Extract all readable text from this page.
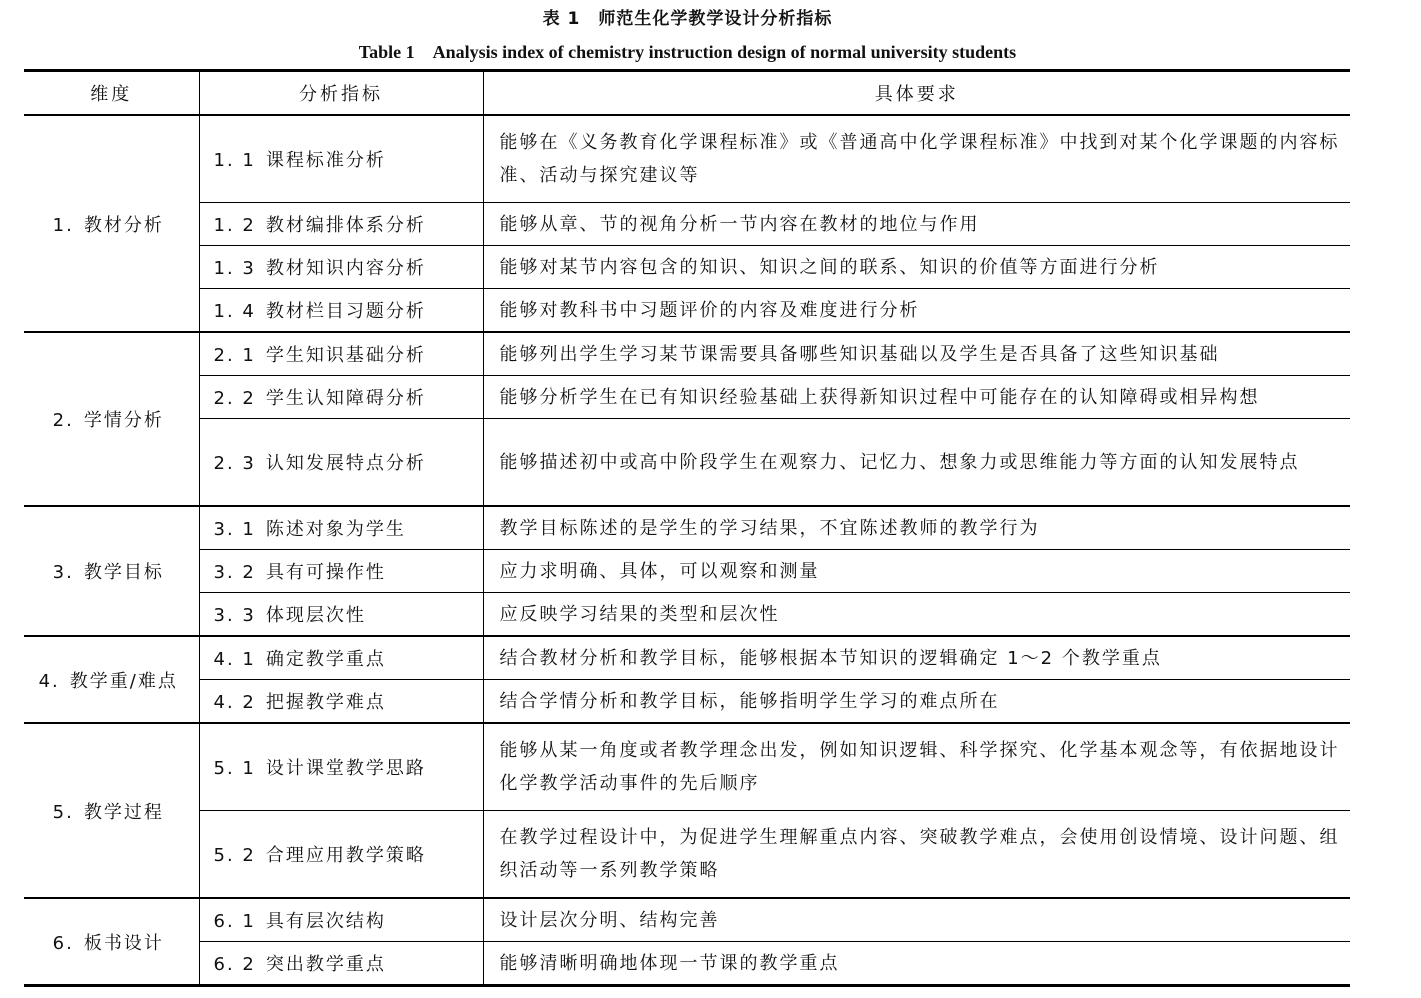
表 1　师范生化学教学设计分析指标
Table 1　Analysis index of chemistry instruction design of normal university students
维度	分析指标	具体要求
1. 教材分析	1. 1 课程标准分析	能够在《义务教育化学课程标准》或《普通高中化学课程标准》中找到对某个化学课题的内容标准、活动与探究建议等
	1. 2 教材编排体系分析	能够从章、节的视角分析一节内容在教材的地位与作用
	1. 3 教材知识内容分析	能够对某节内容包含的知识、知识之间的联系、知识的价值等方面进行分析
	1. 4 教材栏目习题分析	能够对教科书中习题评价的内容及难度进行分析
2. 学情分析	2. 1 学生知识基础分析	能够列出学生学习某节课需要具备哪些知识基础以及学生是否具备了这些知识基础
	2. 2 学生认知障碍分析	能够分析学生在已有知识经验基础上获得新知识过程中可能存在的认知障碍或相异构想
	2. 3 认知发展特点分析	能够描述初中或高中阶段学生在观察力、记忆力、想象力或思维能力等方面的认知发展特点
3. 教学目标	3. 1 陈述对象为学生	教学目标陈述的是学生的学习结果，不宜陈述教师的教学行为
	3. 2 具有可操作性	应力求明确、具体，可以观察和测量
	3. 3 体现层次性	应反映学习结果的类型和层次性
4. 教学重/难点	4. 1 确定教学重点	结合教材分析和教学目标，能够根据本节知识的逻辑确定 1～2 个教学重点
	4. 2 把握教学难点	结合学情分析和教学目标，能够指明学生学习的难点所在
5. 教学过程	5. 1 设计课堂教学思路	能够从某一角度或者教学理念出发，例如知识逻辑、科学探究、化学基本观念等，有依据地设计化学教学活动事件的先后顺序
	5. 2 合理应用教学策略	在教学过程设计中，为促进学生理解重点内容、突破教学难点，会使用创设情境、设计问题、组织活动等一系列教学策略
6. 板书设计	6. 1 具有层次结构	设计层次分明、结构完善
	6. 2 突出教学重点	能够清晰明确地体现一节课的教学重点
